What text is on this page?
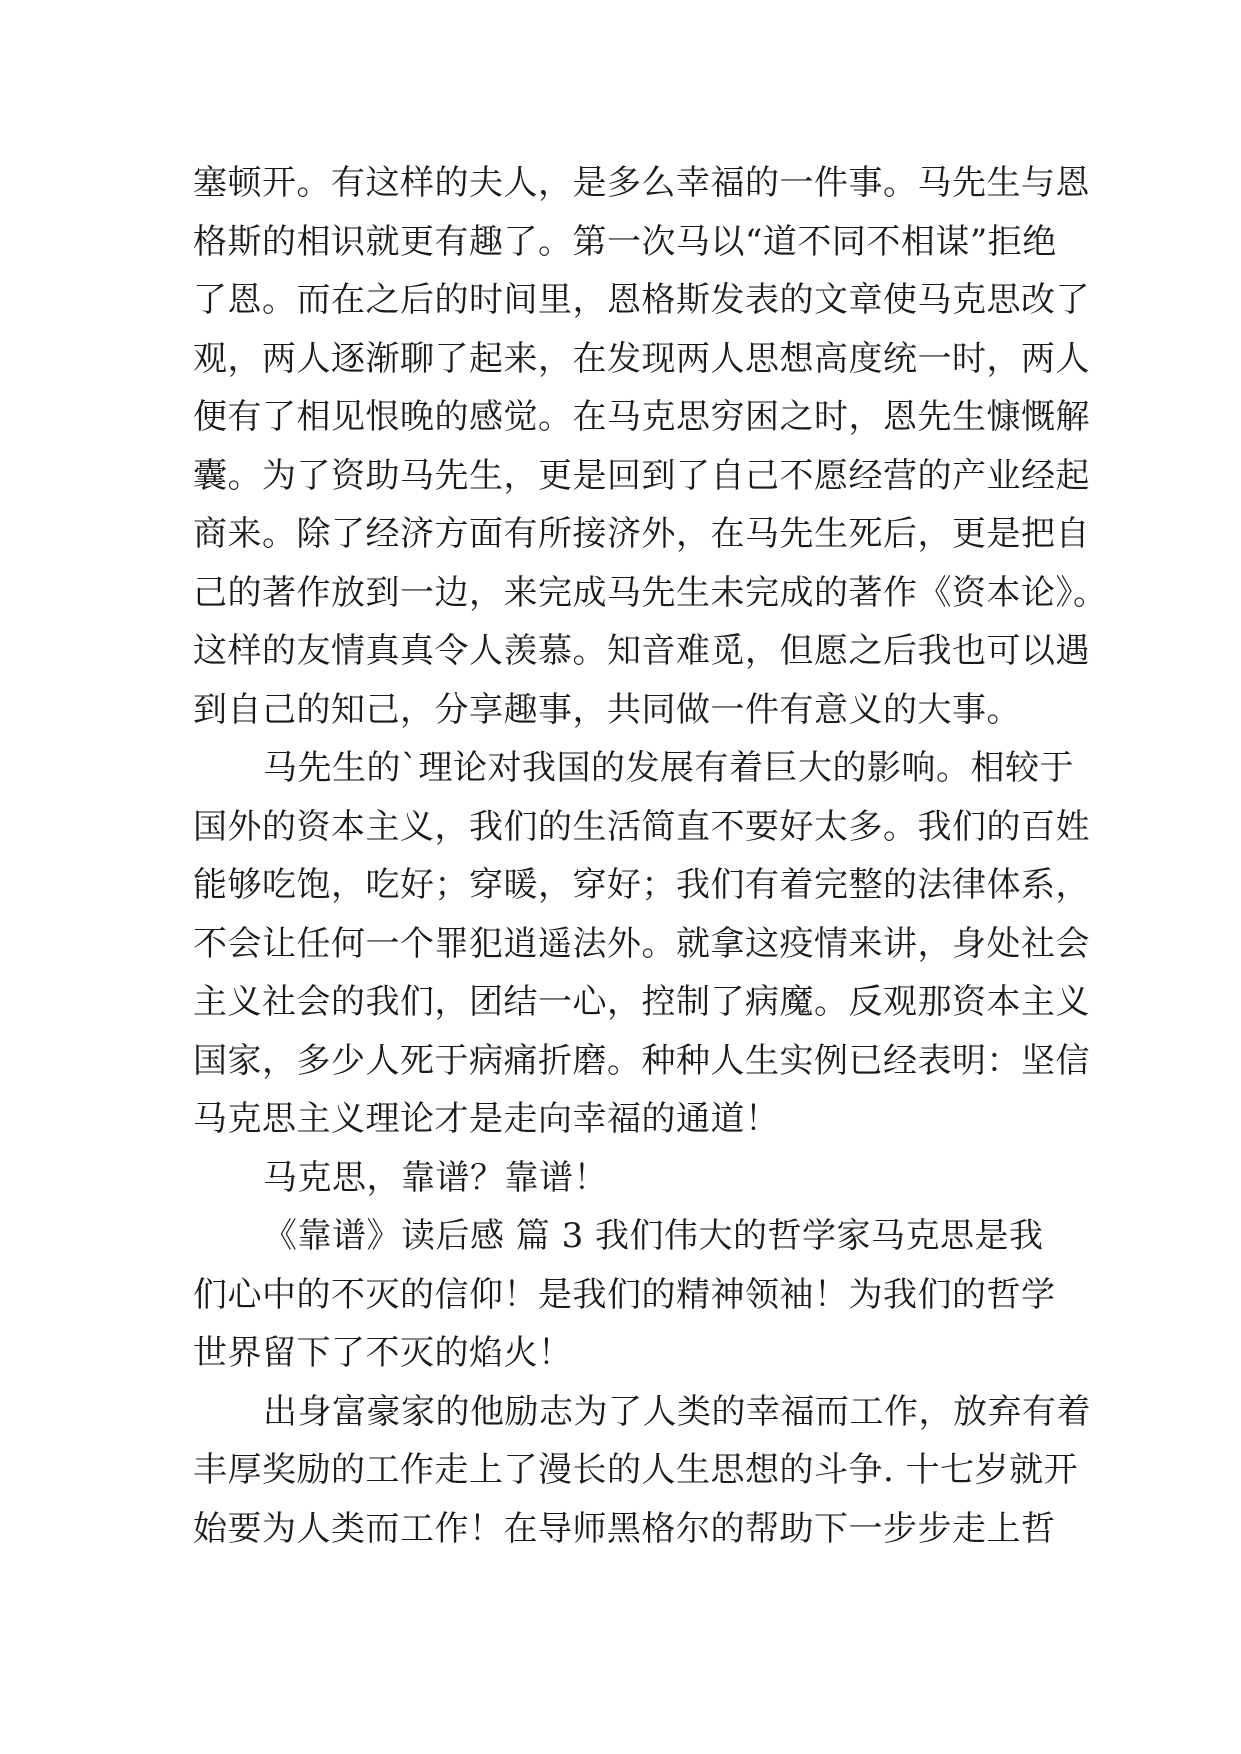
塞顿开。有这样的夫人，是多么幸福的一件事。马先生与恩
格斯的相识就更有趣了。第一次马以“道不同不相谋”拒绝
了恩。而在之后的时间里，恩格斯发表的文章使马克思改了
观，两人逐渐聊了起来，在发现两人思想高度统一时，两人
便有了相见恨晚的感觉。在马克思穷困之时，恩先生慷慨解
囊。为了资助马先生，更是回到了自己不愿经营的产业经起
商来。除了经济方面有所接济外，在马先生死后，更是把自
己的著作放到一边，来完成马先生未完成的著作《资本论》。
这样的友情真真令人羡慕。知音难觅，但愿之后我也可以遇
到自己的知己，分享趣事，共同做一件有意义的大事。
马先生的`理论对我国的发展有着巨大的影响。相较于
国外的资本主义，我们的生活简直不要好太多。我们的百姓
能够吃饱，吃好；穿暖，穿好；我们有着完整的法律体系，
不会让任何一个罪犯逍遥法外。就拿这疫情来讲，身处社会
主义社会的我们，团结一心，控制了病魔。反观那资本主义
国家，多少人死于病痛折磨。种种人生实例已经表明：坚信
马克思主义理论才是走向幸福的通道！
马克思，靠谱？靠谱！
《靠谱》读后感 篇 3 我们伟大的哲学家马克思是我
们心中的不灭的信仰！是我们的精神领袖！为我们的哲学
世界留下了不灭的焰火！
出身富豪家的他励志为了人类的幸福而工作，放弃有着
丰厚奖励的工作走上了漫长的人生思想的斗争. 十七岁就开
始要为人类而工作！在导师黑格尔的帮助下一步步走上哲
